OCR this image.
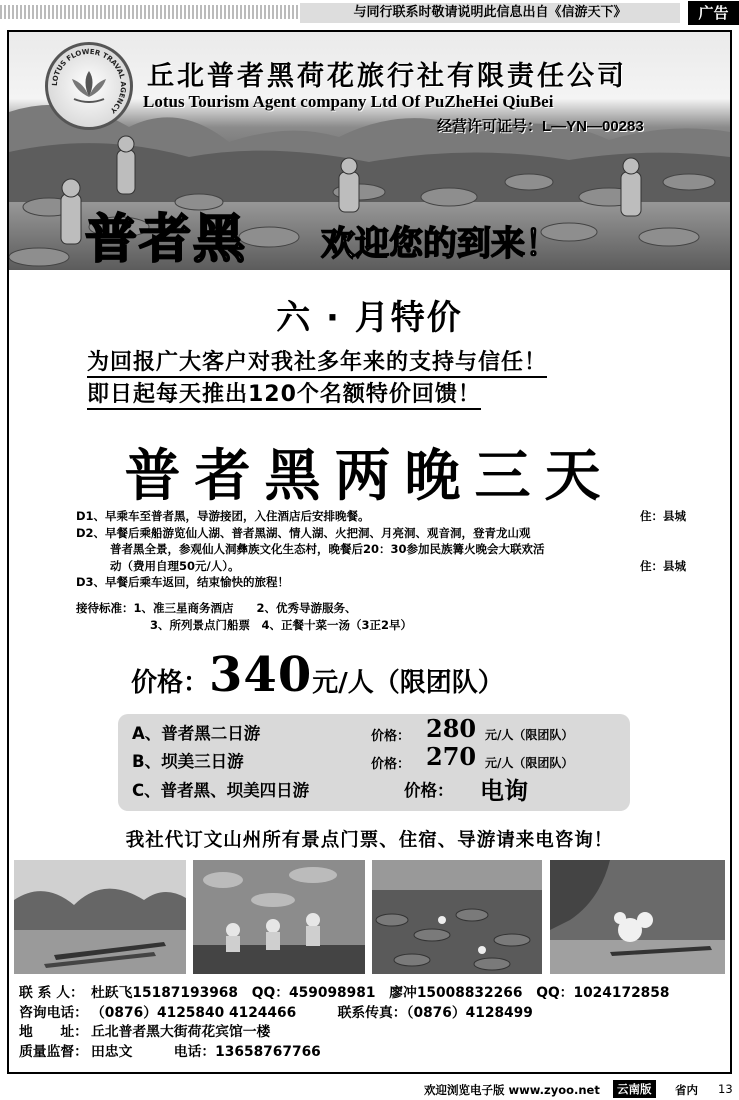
与同行联系时敬请说明此信息出自《信游天下》	广告
LOTUS FLOWER TRAVAL AGENCY
丘北普者黑荷花旅行社有限责任公司
Lotus Tourism Agent company Ltd Of PuZheHei QiuBei
经营许可证号：L—YN—00283
普者黑 欢迎您的到来！
六 · 月特价
为回报广大客户对我社多年来的支持与信任！
即日起每天推出120个名额特价回馈！
普者黑两晚三天
D1、早乘车至普者黑，导游接团，入住酒店后安排晚餐。	住：县城
D2、早餐后乘船游览仙人湖、普者黑湖、情人湖、火把洞、月亮洞、观音洞，登青龙山观
普者黑全景，参观仙人洞彝族文化生态村，晚餐后20：30参加民族篝火晚会大联欢活
动（费用自理50元/人）。	住：县城
D3、早餐后乘车返回，结束愉快的旅程！
接待标准：1、准三星商务酒店　　2、优秀导游服务、
3、所列景点门船票　4、正餐十菜一汤（3正2早）
价格：340元/人（限团队）
A、普者黑二日游	价格： 280 元/人（限团队）
B、坝美三日游	价格： 270 元/人（限团队）
C、普者黑、坝美四日游	价格： 电询
我社代订文山州所有景点门票、住宿、导游请来电咨询！
联 系 人： 杜跃飞15187193968　QQ：459098981　廖冲15008832266　QQ：1024172858
咨询电话： （0876）4125840 4124466　　　联系传真：（0876）4128499
地　　址： 丘北普者黑大街荷花宾馆一楼
质量监督： 田忠文　　　电话：13658767766
欢迎浏览电子版 www.zyoo.net	云南版	省内 13
